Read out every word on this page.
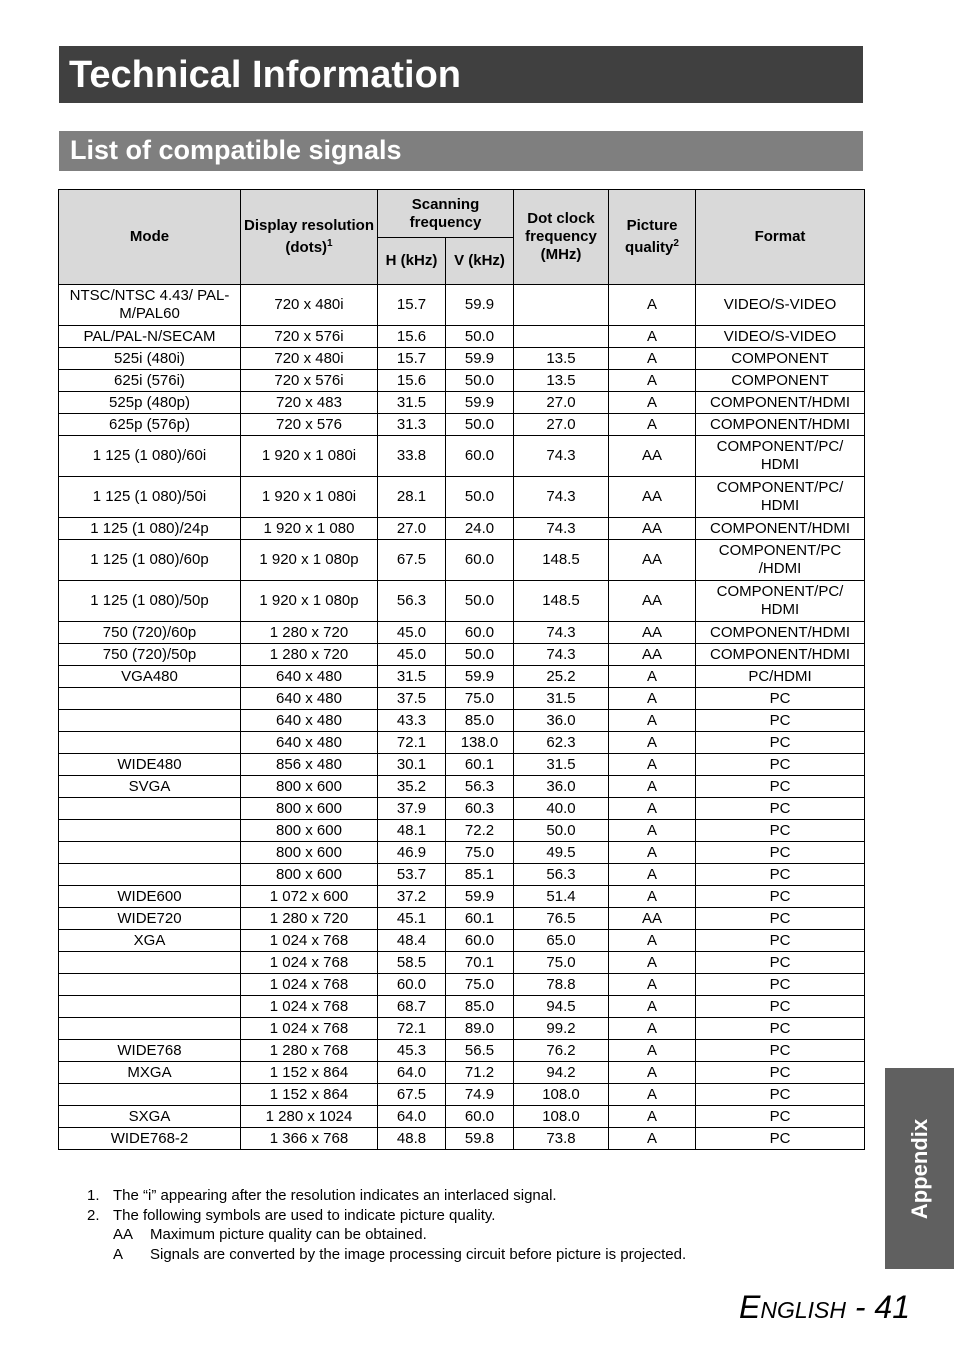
Technical Information
List of compatible signals
Mode	Display resolution (dots)$^1$	Scanning frequency		Dot clock frequency (MHz)	Picture quality$^2$	Format
		H (kHz)	V (kHz)			
NTSC/NTSC 4.43/ PAL-M/PAL60	720 x 480i	15.7	59.9		A	VIDEO/S-VIDEO
PAL/PAL-N/SECAM	720 x 576i	15.6	50.0		A	VIDEO/S-VIDEO
525i (480i)	720 x 480i	15.7	59.9	13.5	A	COMPONENT
625i (576i)	720 x 576i	15.6	50.0	13.5	A	COMPONENT
525p (480p)	720 x 483	31.5	59.9	27.0	A	COMPONENT/HDMI
625p (576p)	720 x 576	31.3	50.0	27.0	A	COMPONENT/HDMI
1 125 (1 080)/60i	1 920 x 1 080i	33.8	60.0	74.3	AA	COMPONENT/PC/ HDMI
1 125 (1 080)/50i	1 920 x 1 080i	28.1	50.0	74.3	AA	COMPONENT/PC/ HDMI
1 125 (1 080)/24p	1 920 x 1 080	27.0	24.0	74.3	AA	COMPONENT/HDMI
1 125 (1 080)/60p	1 920 x 1 080p	67.5	60.0	148.5	AA	COMPONENT/PC /HDMI
1 125 (1 080)/50p	1 920 x 1 080p	56.3	50.0	148.5	AA	COMPONENT/PC/ HDMI
750 (720)/60p	1 280 x 720	45.0	60.0	74.3	AA	COMPONENT/HDMI
750 (720)/50p	1 280 x 720	45.0	50.0	74.3	AA	COMPONENT/HDMI
VGA480	640 x 480	31.5	59.9	25.2	A	PC/HDMI
	640 x 480	37.5	75.0	31.5	A	PC
	640 x 480	43.3	85.0	36.0	A	PC
	640 x 480	72.1	138.0	62.3	A	PC
WIDE480	856 x 480	30.1	60.1	31.5	A	PC
SVGA	800 x 600	35.2	56.3	36.0	A	PC
	800 x 600	37.9	60.3	40.0	A	PC
	800 x 600	48.1	72.2	50.0	A	PC
	800 x 600	46.9	75.0	49.5	A	PC
	800 x 600	53.7	85.1	56.3	A	PC
WIDE600	1 072 x 600	37.2	59.9	51.4	A	PC
WIDE720	1 280 x 720	45.1	60.1	76.5	AA	PC
XGA	1 024 x 768	48.4	60.0	65.0	A	PC
	1 024 x 768	58.5	70.1	75.0	A	PC
	1 024 x 768	60.0	75.0	78.8	A	PC
	1 024 x 768	68.7	85.0	94.5	A	PC
	1 024 x 768	72.1	89.0	99.2	A	PC
WIDE768	1 280 x 768	45.3	56.5	76.2	A	PC
MXGA	1 152 x 864	64.0	71.2	94.2	A	PC
	1 152 x 864	67.5	74.9	108.0	A	PC
SXGA	1 280 x 1024	64.0	60.0	108.0	A	PC
WIDE768-2	1 366 x 768	48.8	59.8	73.8	A	PC
1. The “i” appearing after the resolution indicates an interlaced signal.
2. The following symbols are used to indicate picture quality.
AA Maximum picture quality can be obtained.
A Signals are converted by the image processing circuit before picture is projected.
Appendix
ENGLISH - 41
